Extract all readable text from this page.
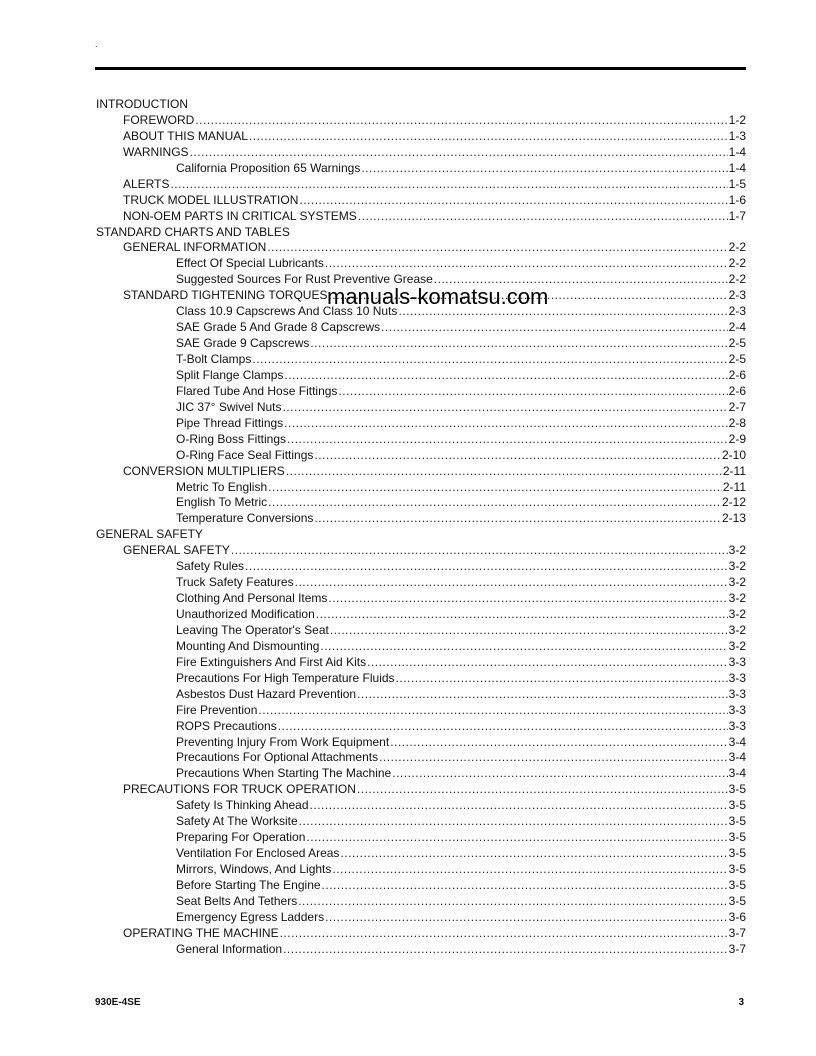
.
INTRODUCTION
FOREWORD .....	1-2
ABOUT THIS MANUAL .....	1-3
WARNINGS .....	1-4
California Proposition 65 Warnings .....	1-4
ALERTS .....	1-5
TRUCK MODEL ILLUSTRATION .....	1-6
NON-OEM PARTS IN CRITICAL SYSTEMS .....	1-7
STANDARD CHARTS AND TABLES
GENERAL INFORMATION .....	2-2
Effect Of Special Lubricants .....	2-2
Suggested Sources For Rust Preventive Grease .....	2-2
STANDARD TIGHTENING TORQUES .....	2-3
Class 10.9 Capscrews And Class 10 Nuts .....	2-3
SAE Grade 5 And Grade 8 Capscrews .....	2-4
SAE Grade 9 Capscrews .....	2-5
T-Bolt Clamps .....	2-5
Split Flange Clamps .....	2-6
Flared Tube And Hose Fittings .....	2-6
JIC 37° Swivel Nuts .....	2-7
Pipe Thread Fittings .....	2-8
O-Ring Boss Fittings .....	2-9
O-Ring Face Seal Fittings .....	2-10
CONVERSION MULTIPLIERS .....	2-11
Metric To English .....	2-11
English To Metric .....	2-12
Temperature Conversions .....	2-13
GENERAL SAFETY
GENERAL SAFETY .....	3-2
Safety Rules .....	3-2
Truck Safety Features .....	3-2
Clothing And Personal Items .....	3-2
Unauthorized Modification .....	3-2
Leaving The Operator's Seat .....	3-2
Mounting And Dismounting .....	3-2
Fire Extinguishers And First Aid Kits .....	3-3
Precautions For High Temperature Fluids .....	3-3
Asbestos Dust Hazard Prevention .....	3-3
Fire Prevention .....	3-3
ROPS Precautions .....	3-3
Preventing Injury From Work Equipment .....	3-4
Precautions For Optional Attachments .....	3-4
Precautions When Starting The Machine .....	3-4
PRECAUTIONS FOR TRUCK OPERATION .....	3-5
Safety Is Thinking Ahead .....	3-5
Safety At The Worksite .....	3-5
Preparing For Operation .....	3-5
Ventilation For Enclosed Areas .....	3-5
Mirrors, Windows, And Lights .....	3-5
Before Starting The Engine .....	3-5
Seat Belts And Tethers .....	3-5
Emergency Egress Ladders .....	3-6
OPERATING THE MACHINE .....	3-7
General Information .....	3-7
manuals-komatsu.com
930E-4SE	3
